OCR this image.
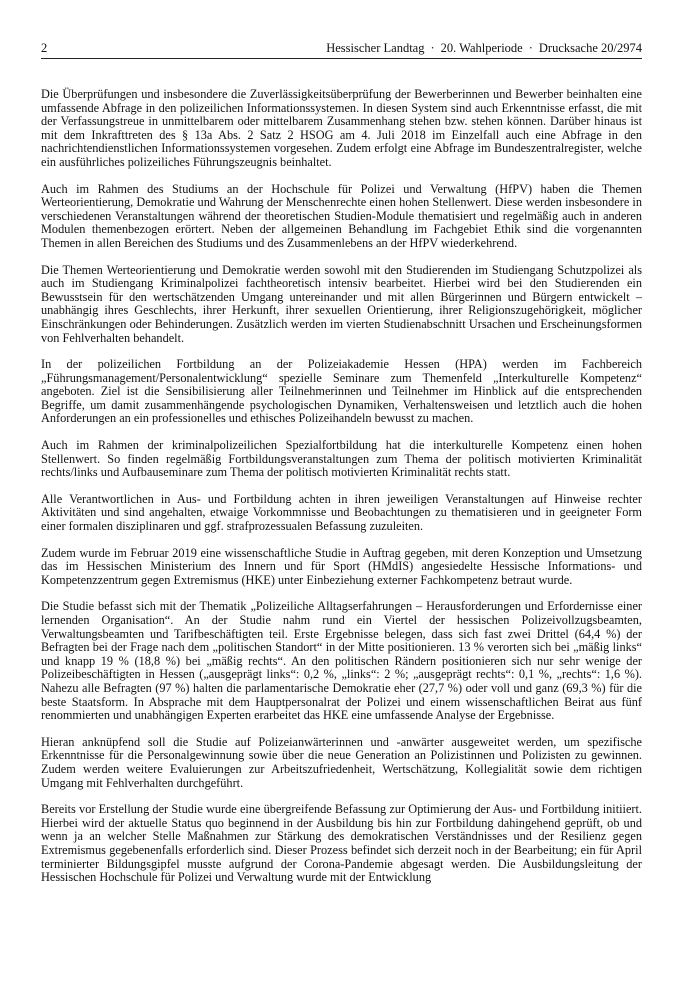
2	Hessischer Landtag · 20. Wahlperiode · Drucksache 20/2974

Die Überprüfungen und insbesondere die Zuverlässigkeitsüberprüfung der Bewerberinnen und Bewerber beinhalten eine umfassende Abfrage in den polizeilichen Informationssystemen. In diesen System sind auch Erkenntnisse erfasst, die mit der Verfassungstreue in unmittelbarem oder mittelbarem Zusammenhang stehen bzw. stehen können. Darüber hinaus ist mit dem Inkrafttreten des § 13a Abs. 2 Satz 2 HSOG am 4. Juli 2018 im Einzelfall auch eine Abfrage in den nachrichtendienstlichen Informationssystemen vorgesehen. Zudem erfolgt eine Abfrage im Bundeszentralregister, welche ein ausführliches polizeiliches Führungszeugnis beinhaltet.

Auch im Rahmen des Studiums an der Hochschule für Polizei und Verwaltung (HfPV) haben die Themen Werteorientierung, Demokratie und Wahrung der Menschenrechte einen hohen Stellenwert. Diese werden insbesondere in verschiedenen Veranstaltungen während der theoretischen Studien-Module thematisiert und regelmäßig auch in anderen Modulen themenbezogen erörtert. Neben der allgemeinen Behandlung im Fachgebiet Ethik sind die vorgenannten Themen in allen Bereichen des Studiums und des Zusammenlebens an der HfPV wiederkehrend.

Die Themen Werteorientierung und Demokratie werden sowohl mit den Studierenden im Studiengang Schutzpolizei als auch im Studiengang Kriminalpolizei fachtheoretisch intensiv bearbeitet. Hierbei wird bei den Studierenden ein Bewusstsein für den wertschätzenden Umgang untereinander und mit allen Bürgerinnen und Bürgern entwickelt – unabhängig ihres Geschlechts, ihrer Herkunft, ihrer sexuellen Orientierung, ihrer Religionszugehörigkeit, möglicher Einschränkungen oder Behinderungen. Zusätzlich werden im vierten Studienabschnitt Ursachen und Erscheinungsformen von Fehlverhalten behandelt.

In der polizeilichen Fortbildung an der Polizeiakademie Hessen (HPA) werden im Fachbereich „Führungsmanagement/Personalentwicklung“ spezielle Seminare zum Themenfeld „Interkulturelle Kompetenz“ angeboten. Ziel ist die Sensibilisierung aller Teilnehmerinnen und Teilnehmer im Hinblick auf die entsprechenden Begriffe, um damit zusammenhängende psychologischen Dynamiken, Verhaltensweisen und letztlich auch die hohen Anforderungen an ein professionelles und ethisches Polizeihandeln bewusst zu machen.

Auch im Rahmen der kriminalpolizeilichen Spezialfortbildung hat die interkulturelle Kompetenz einen hohen Stellenwert. So finden regelmäßig Fortbildungsveranstaltungen zum Thema der politisch motivierten Kriminalität rechts/links und Aufbauseminare zum Thema der politisch motivierten Kriminalität rechts statt.

Alle Verantwortlichen in Aus- und Fortbildung achten in ihren jeweiligen Veranstaltungen auf Hinweise rechter Aktivitäten und sind angehalten, etwaige Vorkommnisse und Beobachtungen zu thematisieren und in geeigneter Form einer formalen disziplinaren und ggf. strafprozessualen Befassung zuzuleiten.

Zudem wurde im Februar 2019 eine wissenschaftliche Studie in Auftrag gegeben, mit deren Konzeption und Umsetzung das im Hessischen Ministerium des Innern und für Sport (HMdIS) angesiedelte Hessische Informations- und Kompetenzzentrum gegen Extremismus (HKE) unter Einbeziehung externer Fachkompetenz betraut wurde.

Die Studie befasst sich mit der Thematik „Polizeiliche Alltagserfahrungen – Herausforderungen und Erfordernisse einer lernenden Organisation“. An der Studie nahm rund ein Viertel der hessischen Polizeivollzugsbeamten, Verwaltungsbeamten und Tarifbeschäftigten teil. Erste Ergebnisse belegen, dass sich fast zwei Drittel (64,4 %) der Befragten bei der Frage nach dem „politischen Standort“ in der Mitte positionieren. 13 % verorten sich bei „mäßig links“ und knapp 19 % (18,8 %) bei „mäßig rechts“. An den politischen Rändern positionieren sich nur sehr wenige der Polizeibeschäftigten in Hessen („ausgeprägt links“: 0,2 %, „links“: 2 %; „ausgeprägt rechts“: 0,1 %, „rechts“: 1,6 %). Nahezu alle Befragten (97 %) halten die parlamentarische Demokratie eher (27,7 %) oder voll und ganz (69,3 %) für die beste Staatsform. In Absprache mit dem Hauptpersonalrat der Polizei und einem wissenschaftlichen Beirat aus fünf renommierten und unabhängigen Experten erarbeitet das HKE eine umfassende Analyse der Ergebnisse.

Hieran anknüpfend soll die Studie auf Polizeianwärterinnen und -anwärter ausgeweitet werden, um spezifische Erkenntnisse für die Personalgewinnung sowie über die neue Generation an Polizistinnen und Polizisten zu gewinnen. Zudem werden weitere Evaluierungen zur Arbeitszufriedenheit, Wertschätzung, Kollegialität sowie dem richtigen Umgang mit Fehlverhalten durchgeführt.

Bereits vor Erstellung der Studie wurde eine übergreifende Befassung zur Optimierung der Aus- und Fortbildung initiiert. Hierbei wird der aktuelle Status quo beginnend in der Ausbildung bis hin zur Fortbildung dahingehend geprüft, ob und wenn ja an welcher Stelle Maßnahmen zur Stärkung des demokratischen Verständnisses und der Resilienz gegen Extremismus gegebenenfalls erforderlich sind. Dieser Prozess befindet sich derzeit noch in der Bearbeitung; ein für April terminierter Bildungsgipfel musste aufgrund der Corona-Pandemie abgesagt werden. Die Ausbildungsleitung der Hessischen Hochschule für Polizei und Verwaltung wurde mit der Entwicklung
